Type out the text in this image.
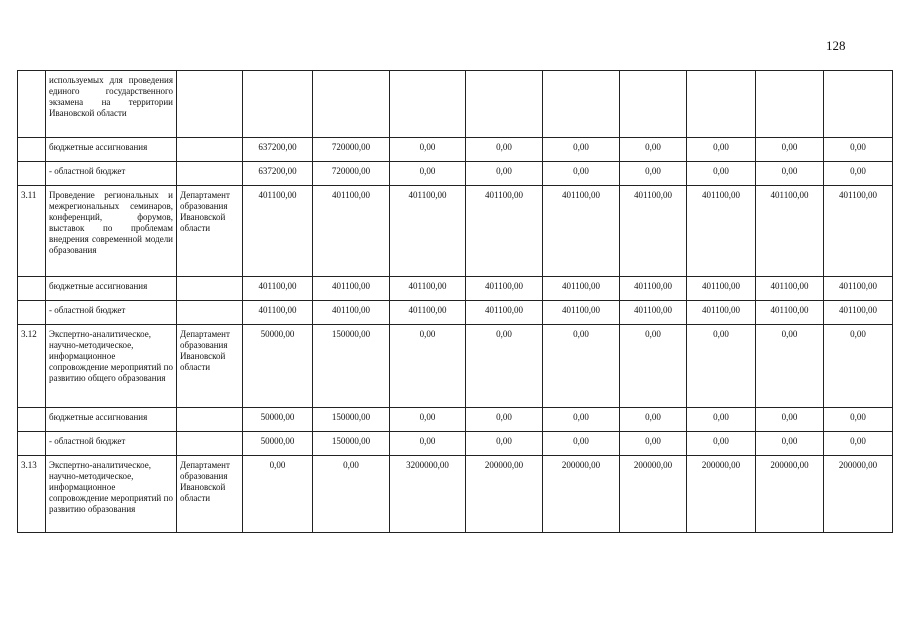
128
	используемых для проведения единого государственного экзамена на территории Ивановской области										
	бюджетные ассигнования		637200,00	720000,00	0,00	0,00	0,00	0,00	0,00	0,00	0,00
	- областной бюджет		637200,00	720000,00	0,00	0,00	0,00	0,00	0,00	0,00	0,00
3.11	Проведение региональных и межрегиональных семинаров, конференций, форумов, выставок по проблемам внедрения современной модели образования	Департамент образования Ивановской области	401100,00	401100,00	401100,00	401100,00	401100,00	401100,00	401100,00	401100,00	401100,00
	бюджетные ассигнования		401100,00	401100,00	401100,00	401100,00	401100,00	401100,00	401100,00	401100,00	401100,00
	- областной бюджет		401100,00	401100,00	401100,00	401100,00	401100,00	401100,00	401100,00	401100,00	401100,00
3.12	Экспертно-аналитическое, научно-методическое, информационное сопровождение мероприятий по развитию общего образования	Департамент образования Ивановской области	50000,00	150000,00	0,00	0,00	0,00	0,00	0,00	0,00	0,00
	бюджетные ассигнования		50000,00	150000,00	0,00	0,00	0,00	0,00	0,00	0,00	0,00
	- областной бюджет		50000,00	150000,00	0,00	0,00	0,00	0,00	0,00	0,00	0,00
3.13	Экспертно-аналитическое, научно-методическое, информационное сопровождение мероприятий по развитию образования	Департамент образования Ивановской области	0,00	0,00	3200000,00	200000,00	200000,00	200000,00	200000,00	200000,00	200000,00
